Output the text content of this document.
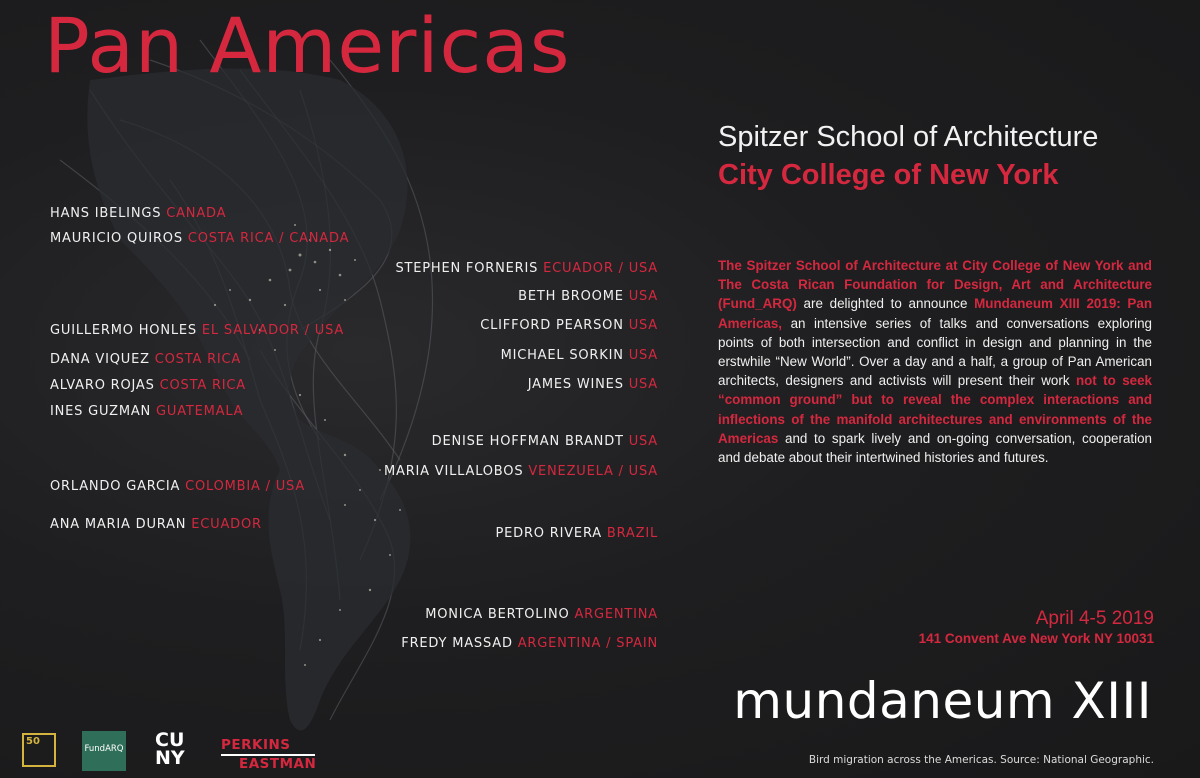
Pan Americas
Spitzer School of Architecture
City College of New York
HANS IBELINGS CANADA
MAURICIO QUIROS COSTA RICA / CANADA
GUILLERMO HONLES EL SALVADOR / USA
DANA VIQUEZ COSTA RICA
ALVARO ROJAS COSTA RICA
INES GUZMAN GUATEMALA
ORLANDO GARCIA COLOMBIA / USA
ANA MARIA DURAN ECUADOR
STEPHEN FORNERIS ECUADOR / USA
BETH BROOME USA
CLIFFORD PEARSON USA
MICHAEL SORKIN USA
JAMES WINES USA
DENISE HOFFMAN BRANDT USA
MARIA VILLALOBOS VENEZUELA / USA
PEDRO RIVERA BRAZIL
MONICA BERTOLINO ARGENTINA
FREDY MASSAD ARGENTINA / SPAIN
The Spitzer School of Architecture at City College of New York and The Costa Rican Foundation for Design, Art and Architecture (Fund_ARQ) are delighted to announce Mundaneum XIII 2019: Pan Americas, an intensive series of talks and conversations exploring points of both intersection and conflict in design and planning in the erstwhile “New World”. Over a day and a half, a group of Pan American architects, designers and activists will present their work not to seek “common ground” but to reveal the complex interactions and inflections of the manifold architectures and environments of the Americas and to spark lively and on-going conversation, cooperation and debate about their intertwined histories and futures.
April 4-5 2019
141 Convent Ave New York NY 10031
mundaneum XIII
Bird migration across the Americas. Source: National Geographic.
50
FundARQ CU
NY
PERKINS
EASTMAN
